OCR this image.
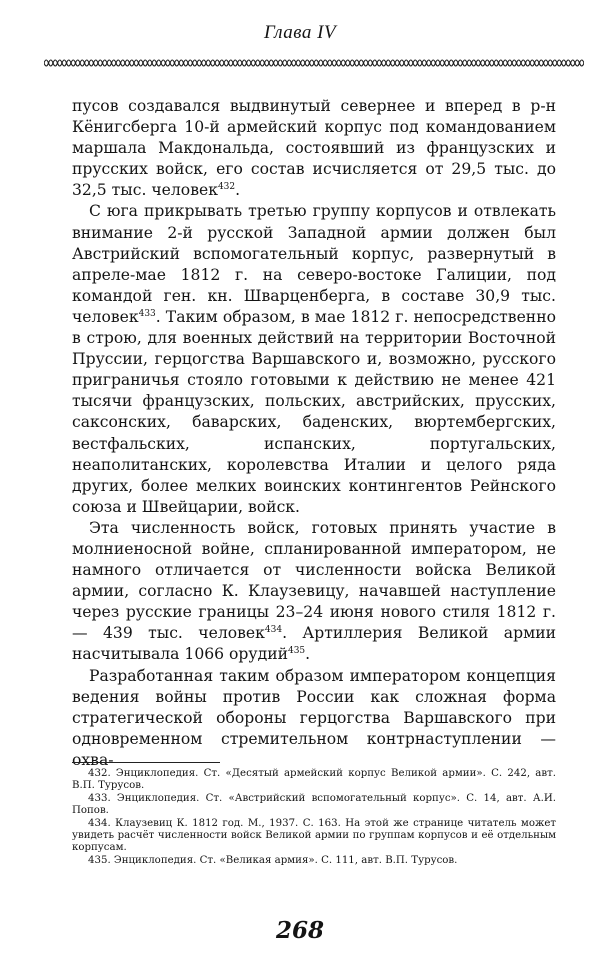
Глава IV

пусов создавался выдвинутый севернее и вперед в р-н Кёнигсберга 10-й армейский корпус под командованием маршала Макдональда, состоявший из французских и прусских войск, его состав исчисляется от 29,5 тыс. до 32,5 тыс. человек$^{432}$.

С юга прикрывать третью группу корпусов и отвлекать внимание 2-й русской Западной армии должен был Австрийский вспомогательный корпус, развернутый в апреле-мае 1812 г. на северо-востоке Галиции, под командой ген. кн. Шварценберга, в составе 30,9 тыс. человек$^{433}$. Таким образом, в мае 1812 г. непосредственно в строю, для военных действий на территории Восточной Пруссии, герцогства Варшавского и, возможно, русского приграничья стояло готовыми к действию не менее 421 тысячи французских, польских, австрийских, прусских, саксонских, баварских, баденских, вюртембергских, вестфальских, испанских, португальских, неаполитанских, королевства Италии и целого ряда других, более мелких воинских контингентов Рейнского союза и Швейцарии, войск.

Эта численность войск, готовых принять участие в молниеносной войне, спланированной императором, не намного отличается от численности войска Великой армии, согласно К. Клаузевицу, начавшей наступление через русские границы 23–24 июня нового стиля 1812 г. — 439 тыс. человек$^{434}$. Артиллерия Великой армии насчитывала 1066 орудий$^{435}$.

Разработанная таким образом императором концепция ведения войны против России как сложная форма стратегической обороны герцогства Варшавского при одновременном стремительном контрнаступлении — охва-

432. Энциклопедия. Ст. «Десятый армейский корпус Великой армии». С. 242, авт. В.П. Турусов.

433. Энциклопедия. Ст. «Австрийский вспомогательный корпус». С. 14, авт. А.И. Попов.

434. Клаузевиц К. 1812 год. М., 1937. С. 163. На этой же странице читатель может увидеть расчёт численности войск Великой армии по группам корпусов и её отдельным корпусам.

435. Энциклопедия. Ст. «Великая армия». С. 111, авт. В.П. Турусов.

268
